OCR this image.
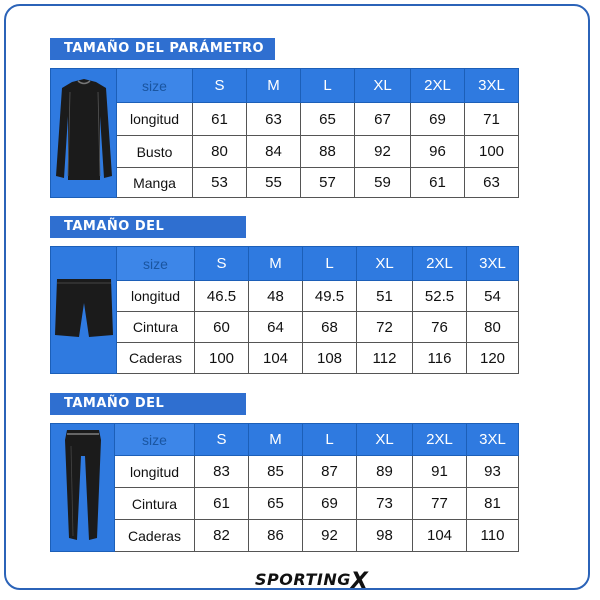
TAMAÑO DEL PARÁMETRO
	size	S	M	L	XL	2XL	3XL
	longitud	61	63	65	67	69	71
	Busto	80	84	88	92	96	100
	Manga	53	55	57	59	61	63
TAMAÑO DEL
	size	S	M	L	XL	2XL	3XL
	longitud	46.5	48	49.5	51	52.5	54
	Cintura	60	64	68	72	76	80
	Caderas	100	104	108	112	116	120
TAMAÑO DEL
	size	S	M	L	XL	2XL	3XL
	longitud	83	85	87	89	91	93
	Cintura	61	65	69	73	77	81
	Caderas	82	86	92	98	104	110
SPORTINGX
